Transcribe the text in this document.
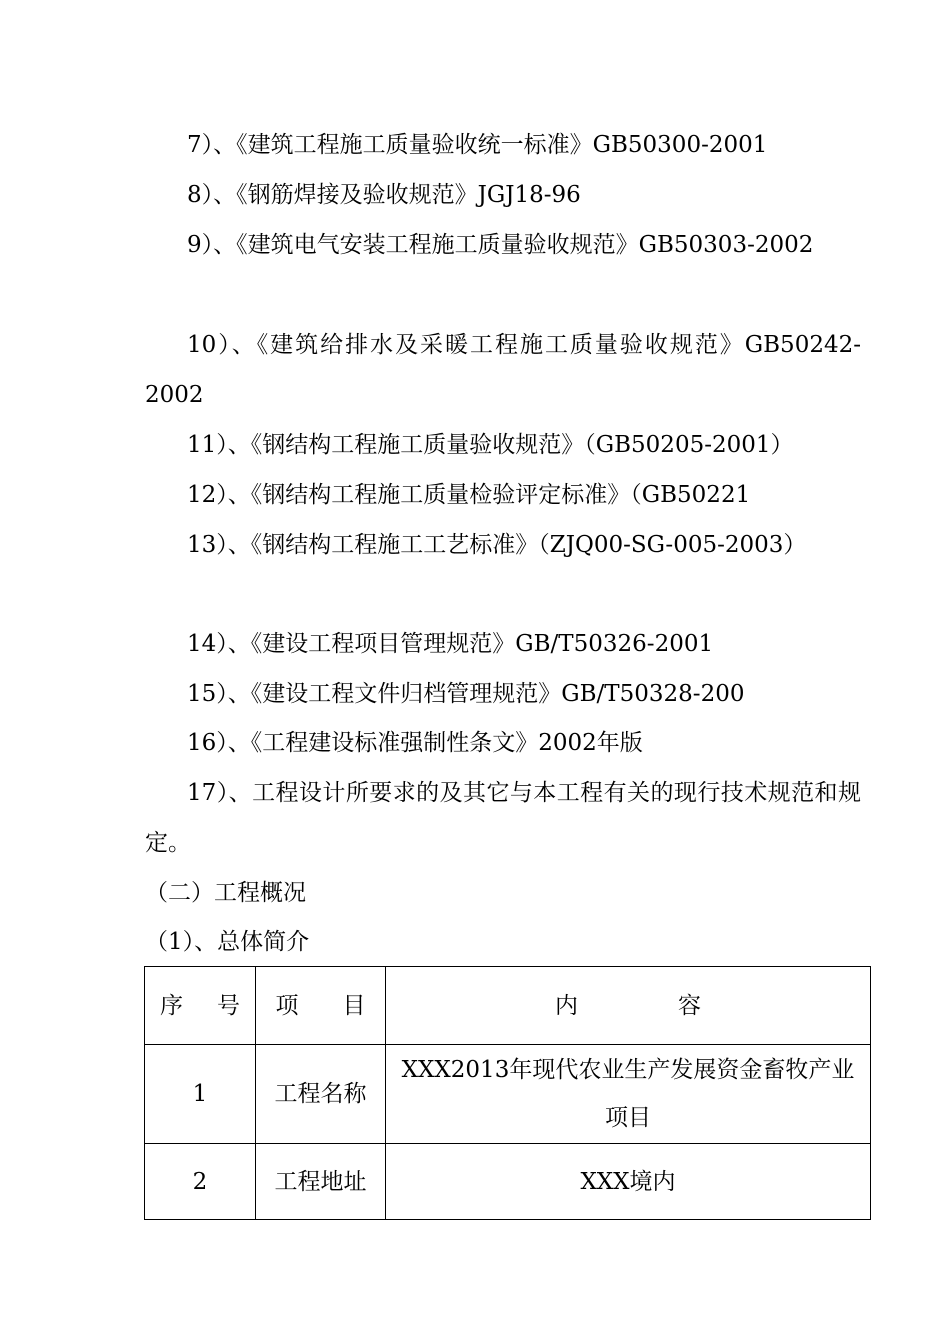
7）、《建筑工程施工质量验收统一标准》GB50300-2001
8）、《钢筋焊接及验收规范》JGJ18-96
9）、《建筑电气安装工程施工质量验收规范》GB50303-2002
10）、《建筑给排水及采暖工程施工质量验收规范》GB50242-2002
11）、《钢结构工程施工质量验收规范》（GB50205-2001）
12）、《钢结构工程施工质量检验评定标准》（GB50221
13）、《钢结构工程施工工艺标准》（ZJQ00-SG-005-2003）
14）、《建设工程项目管理规范》GB/T50326-2001
15）、《建设工程文件归档管理规范》GB/T50328-200
16）、《工程建设标准强制性条文》2002年版
17）、工程设计所要求的及其它与本工程有关的现行技术规范和规定。
（二）工程概况
（1）、总体简介
序 号	项 目	内 容
1	工程名称	XXX2013年现代农业生产发展资金畜牧产业项目
2	工程地址	XXX境内
